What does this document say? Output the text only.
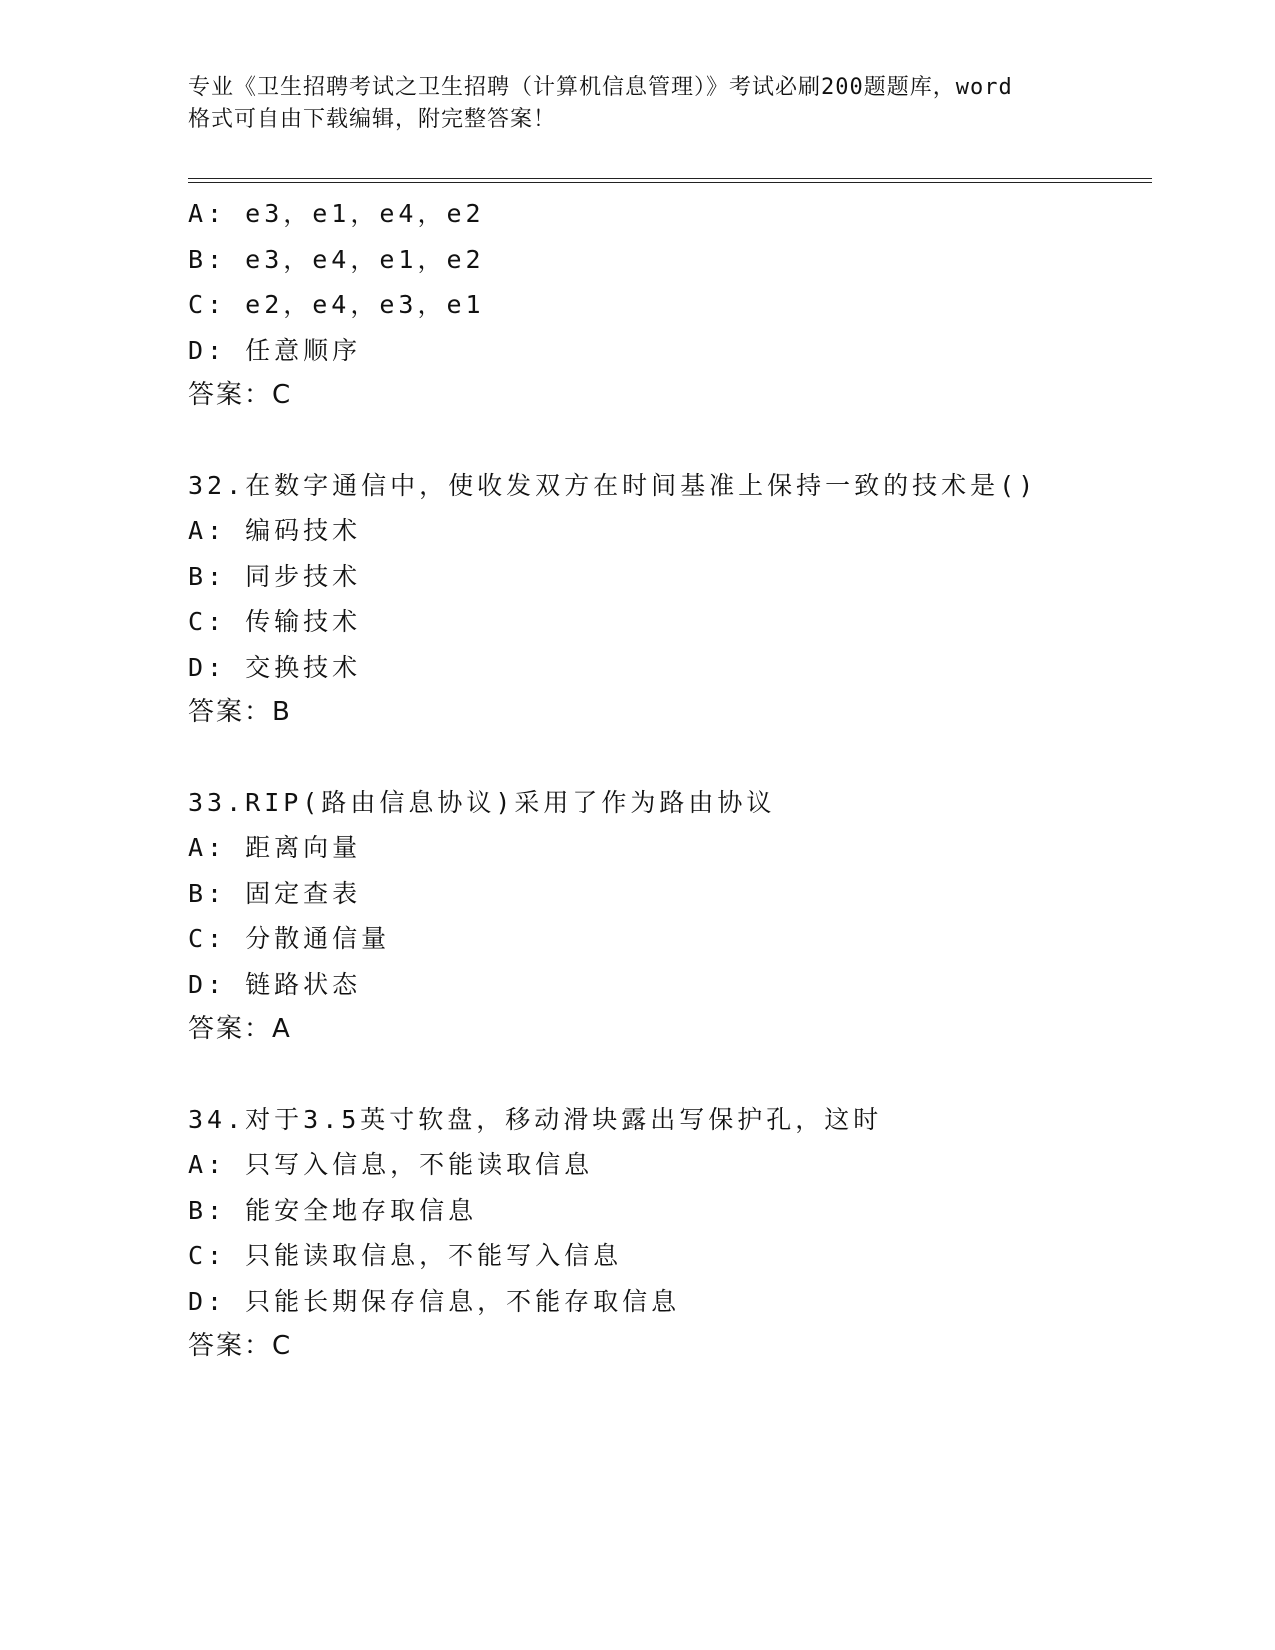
专业《卫生招聘考试之卫生招聘（计算机信息管理）》考试必刷200题题库，word
格式可自由下载编辑，附完整答案！
A: e3，e1，e4，e2
B: e3，e4，e1，e2
C: e2，e4，e3，e1
D: 任意顺序
答案：C
32.在数字通信中，使收发双方在时间基准上保持一致的技术是()
A: 编码技术
B: 同步技术
C: 传输技术
D: 交换技术
答案：B
33.RIP(路由信息协议)采用了作为路由协议
A: 距离向量
B: 固定查表
C: 分散通信量
D: 链路状态
答案：A
34.对于3.5英寸软盘，移动滑块露出写保护孔，这时
A: 只写入信息，不能读取信息
B: 能安全地存取信息
C: 只能读取信息，不能写入信息
D: 只能长期保存信息，不能存取信息
答案：C
